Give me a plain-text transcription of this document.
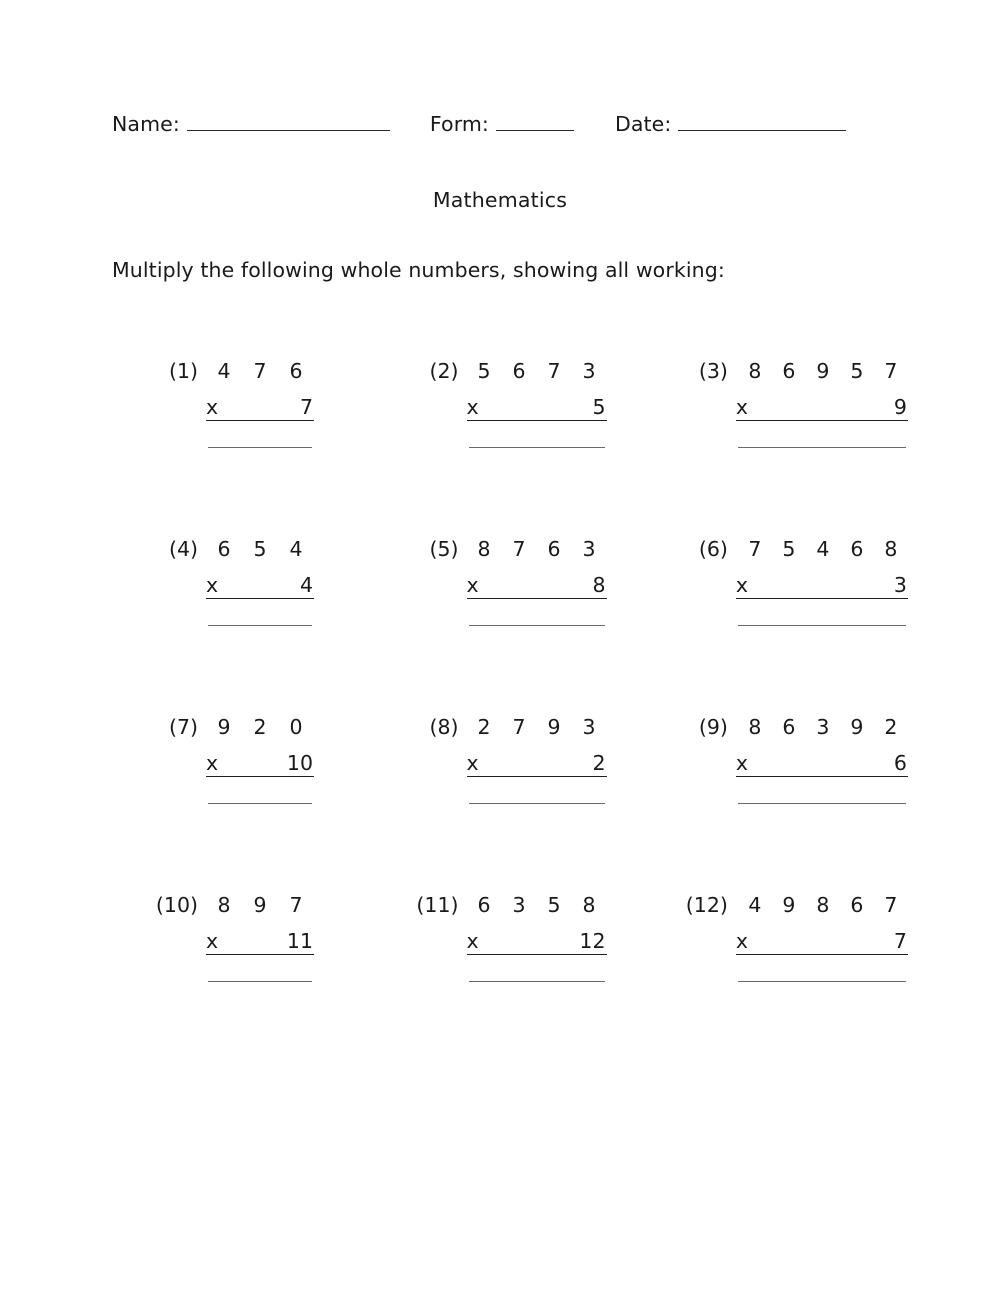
Name:	Form:	Date:
Mathematics
Multiply the following whole numbers, showing all working:
(1) 4 7 6
x	7
(2) 5 6 7 3
x	5
(3) 8 6 9 5 7
x	9
(4) 6 5 4
x	4
(5) 8 7 6 3
x	8
(6) 7 5 4 6 8
x	3
(7) 9 2 0
x	10
(8) 2 7 9 3
x	2
(9) 8 6 3 9 2
x	6
(10) 8 9 7
x	11
(11) 6 3 5 8
x	12
(12) 4 9 8 6 7
x	7
